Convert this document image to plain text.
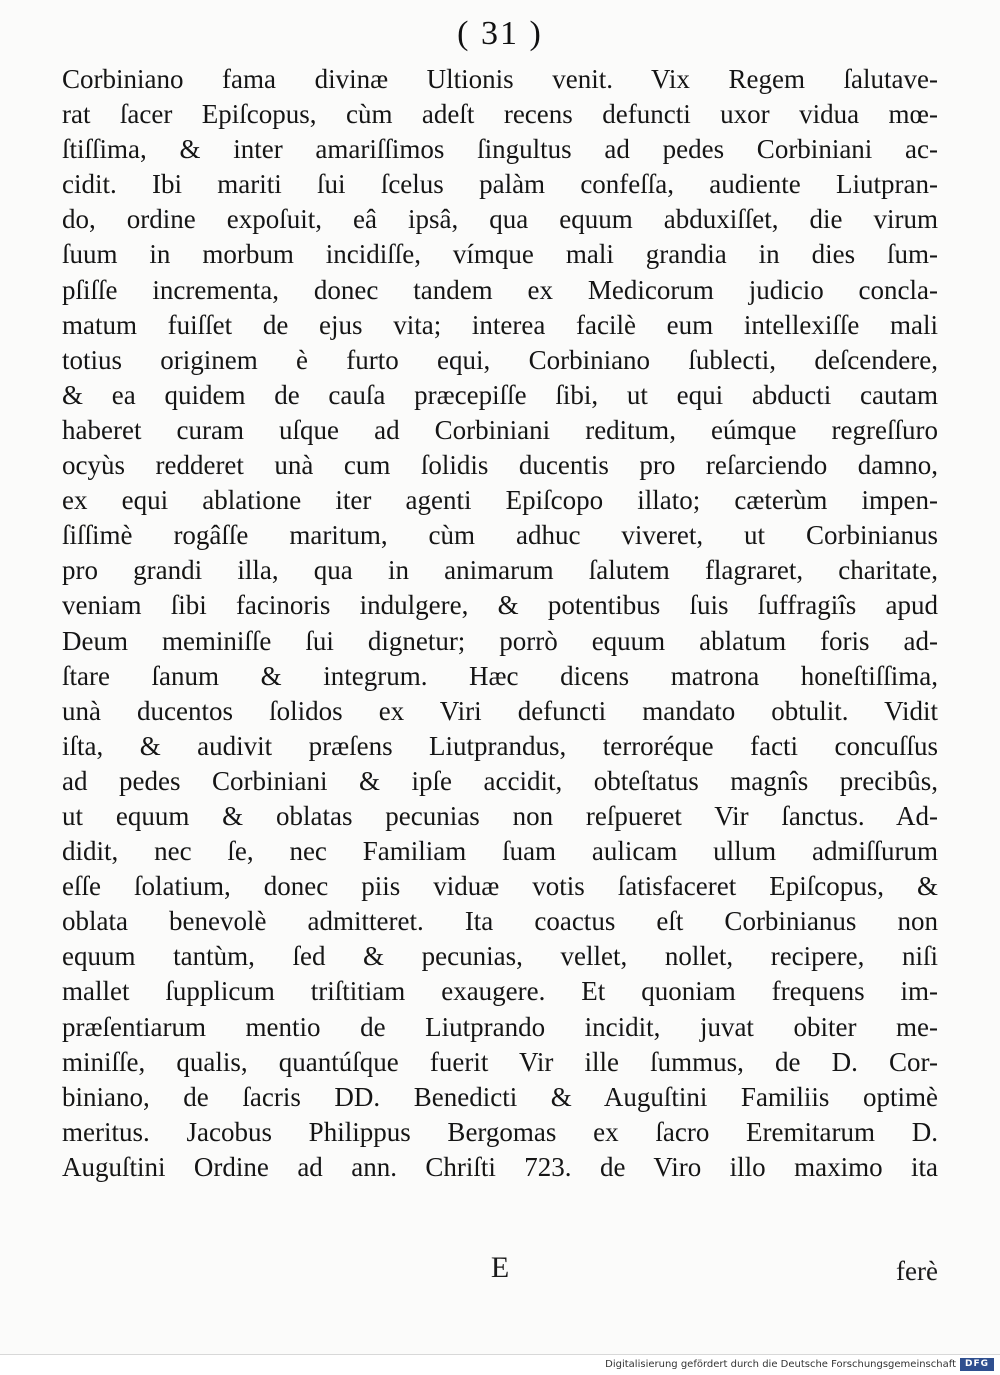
( 31 )
Corbiniano fama divinæ Ultionis venit. Vix Regem ſalutave-
rat ſacer Epiſcopus, cùm adeſt recens defuncti uxor vidua mœ-
ſtiſſima, & inter amariſſimos ſingultus ad pedes Corbiniani ac-
cidit. Ibi mariti ſui ſcelus palàm confeſſa, audiente Liutpran-
do, ordine expoſuit, eâ ipsâ, qua equum abduxiſſet, die virum
ſuum in morbum incidiſſe, vímque mali grandia in dies ſum-
pſiſſe incrementa, donec tandem ex Medicorum judicio concla-
matum fuiſſet de ejus vita; interea facilè eum intellexiſſe mali
totius originem è furto equi, Corbiniano ſublecti, deſcendere,
& ea quidem de cauſa præcepiſſe ſibi, ut equi abducti cautam
haberet curam uſque ad Corbiniani reditum, eúmque regreſſuro
ocyùs redderet unà cum ſolidis ducentis pro reſarciendo damno,
ex equi ablatione iter agenti Epiſcopo illato; cæterùm impen-
ſiſſimè rogâſſe maritum, cùm adhuc viveret, ut Corbinianus
pro grandi illa, qua in animarum ſalutem flagraret, charitate,
veniam ſibi facinoris indulgere, & potentibus ſuis ſuffragiîs apud
Deum meminiſſe ſui dignetur; porrò equum ablatum foris ad-
ſtare ſanum & integrum. Hæc dicens matrona honeſtiſſima,
unà ducentos ſolidos ex Viri defuncti mandato obtulit. Vidit
iſta, & audivit præſens Liutprandus, terroréque facti concuſſus
ad pedes Corbiniani & ipſe accidit, obteſtatus magnîs precibûs,
ut equum & oblatas pecunias non reſpueret Vir ſanctus. Ad-
didit, nec ſe, nec Familiam ſuam aulicam ullum admiſſurum
eſſe ſolatium, donec piis viduæ votis ſatisfaceret Epiſcopus, &
oblata benevolè admitteret. Ita coactus eſt Corbinianus non
equum tantùm, ſed & pecunias, vellet, nollet, recipere, niſi
mallet ſupplicum triſtitiam exaugere. Et quoniam frequens im-
præſentiarum mentio de Liutprando incidit, juvat obiter me-
miniſſe, qualis, quantúſque fuerit Vir ille ſummus, de D. Cor-
biniano, de ſacris DD. Benedicti & Auguſtini Familiis optimè
meritus. Jacobus Philippus Bergomas ex ſacro Eremitarum D.
Auguſtini Ordine ad ann. Chriſti 723. de Viro illo maximo ita
E	ferè
Digitalisierung gefördert durch die Deutsche Forschungsgemeinschaft DFG
